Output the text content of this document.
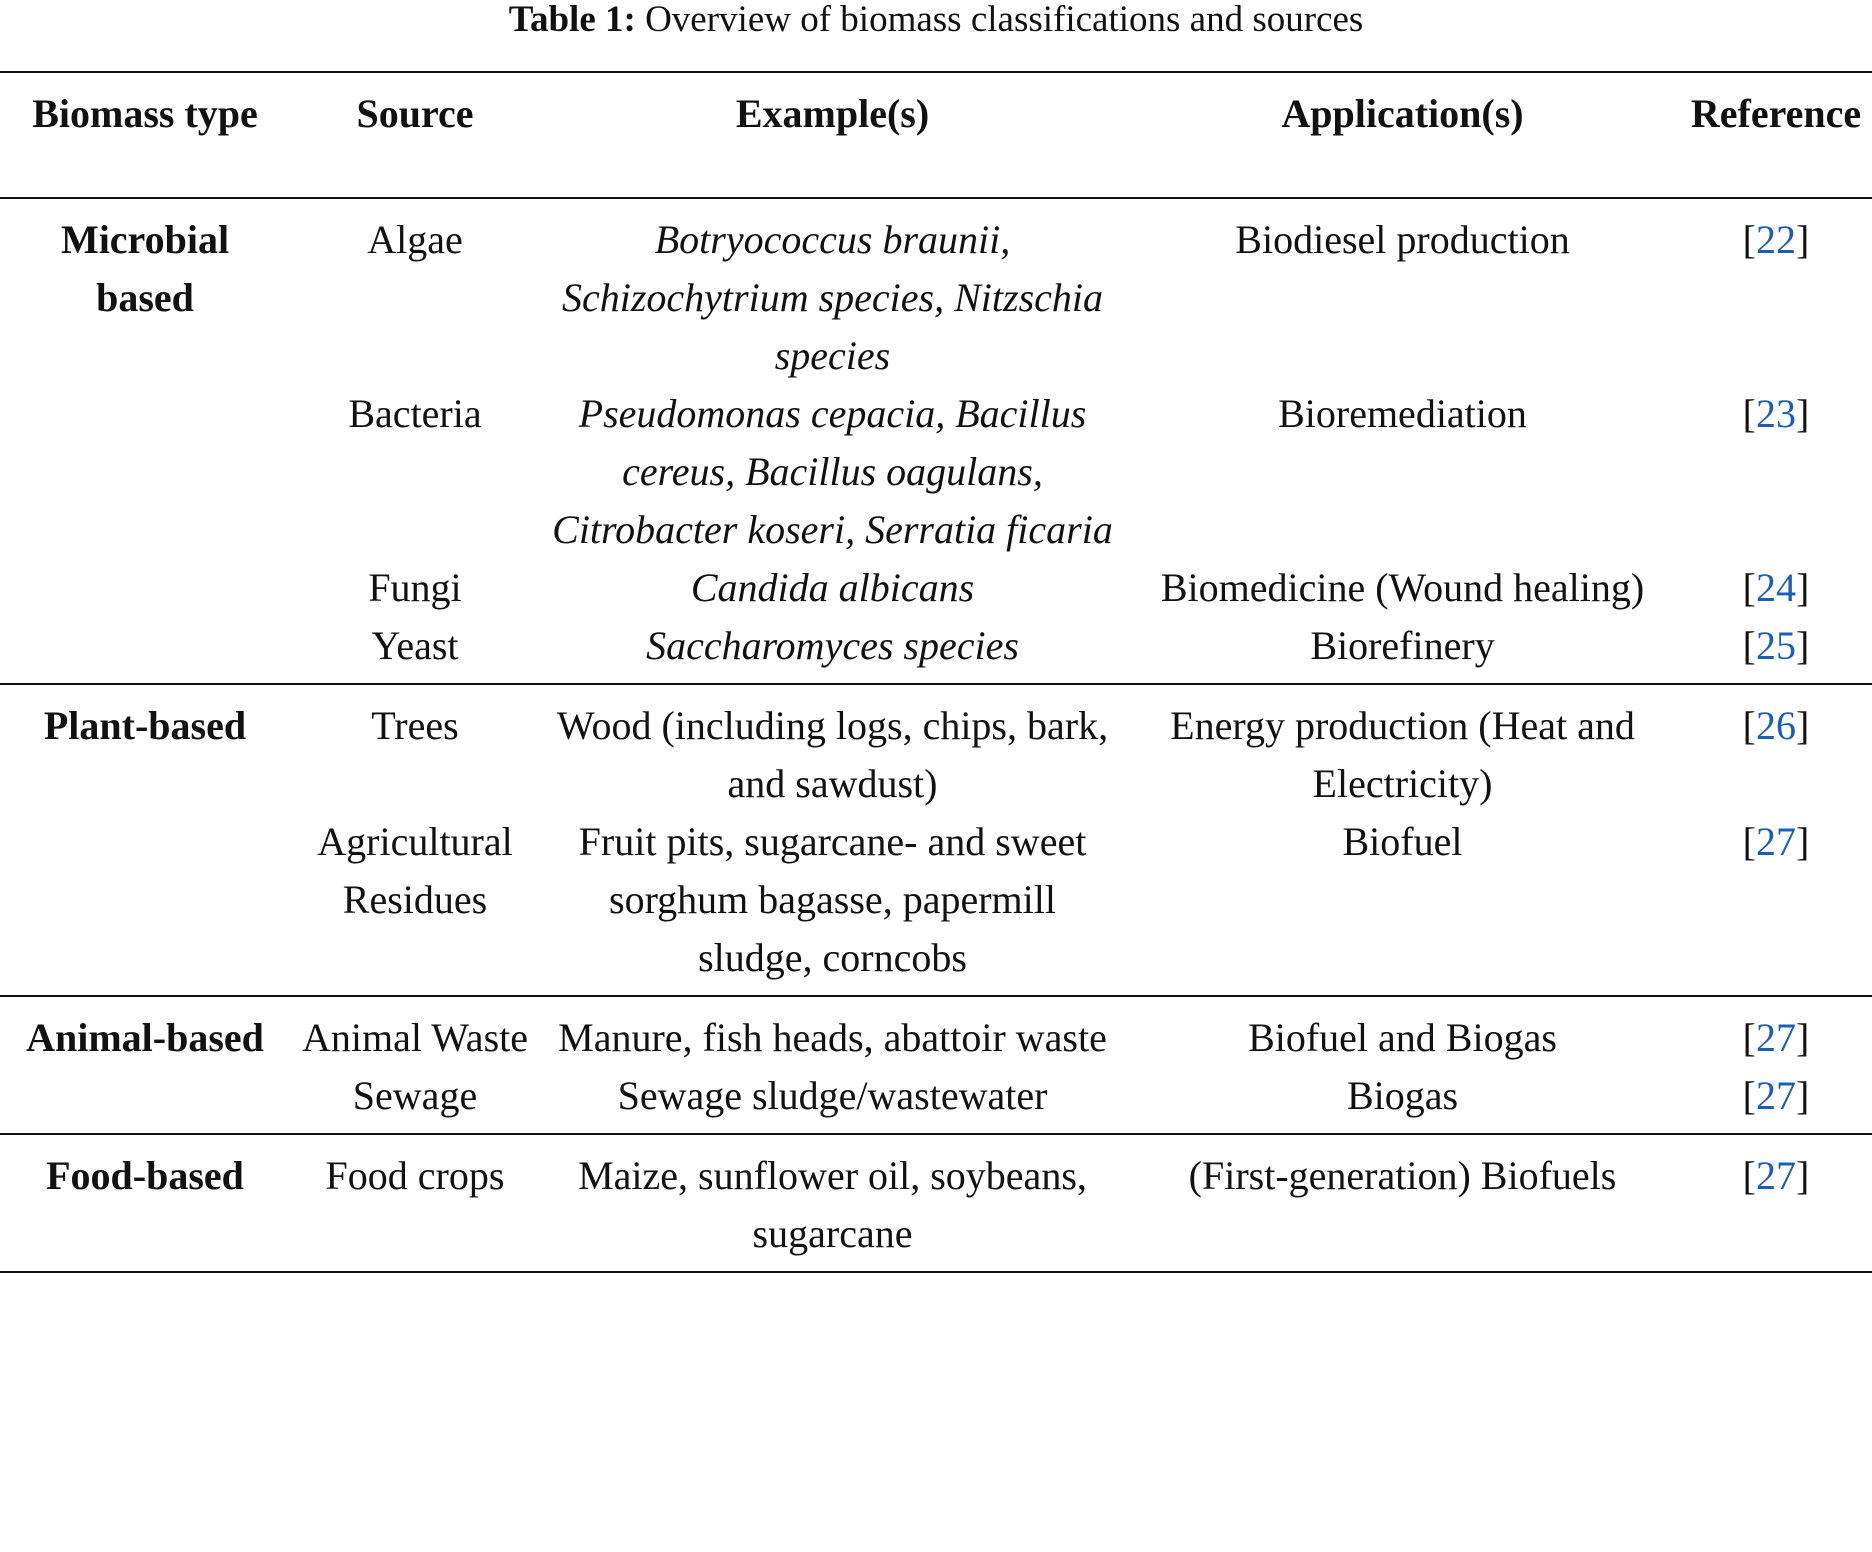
Table 1: Overview of biomass classifications and sources
Biomass type	Source	Example(s)	Application(s)	Reference
Microbial based	Algae	Botryococcus braunii, Schizochytrium species, Nitzschia species	Biodiesel production	[22]
	Bacteria	Pseudomonas cepacia, Bacillus cereus, Bacillus oagulans, Citrobacter koseri, Serratia ficaria	Bioremediation	[23]
	Fungi	Candida albicans	Biomedicine (Wound healing)	[24]
	Yeast	Saccharomyces species	Biorefinery	[25]
Plant-based	Trees	Wood (including logs, chips, bark, and sawdust)	Energy production (Heat and Electricity)	[26]
	Agricultural Residues	Fruit pits, sugarcane- and sweet sorghum bagasse, papermill sludge, corncobs	Biofuel	[27]
Animal-based	Animal Waste	Manure, fish heads, abattoir waste	Biofuel and Biogas	[27]
	Sewage	Sewage sludge/wastewater	Biogas	[27]
Food-based	Food crops	Maize, sunflower oil, soybeans, sugarcane	(First-generation) Biofuels	[27]
